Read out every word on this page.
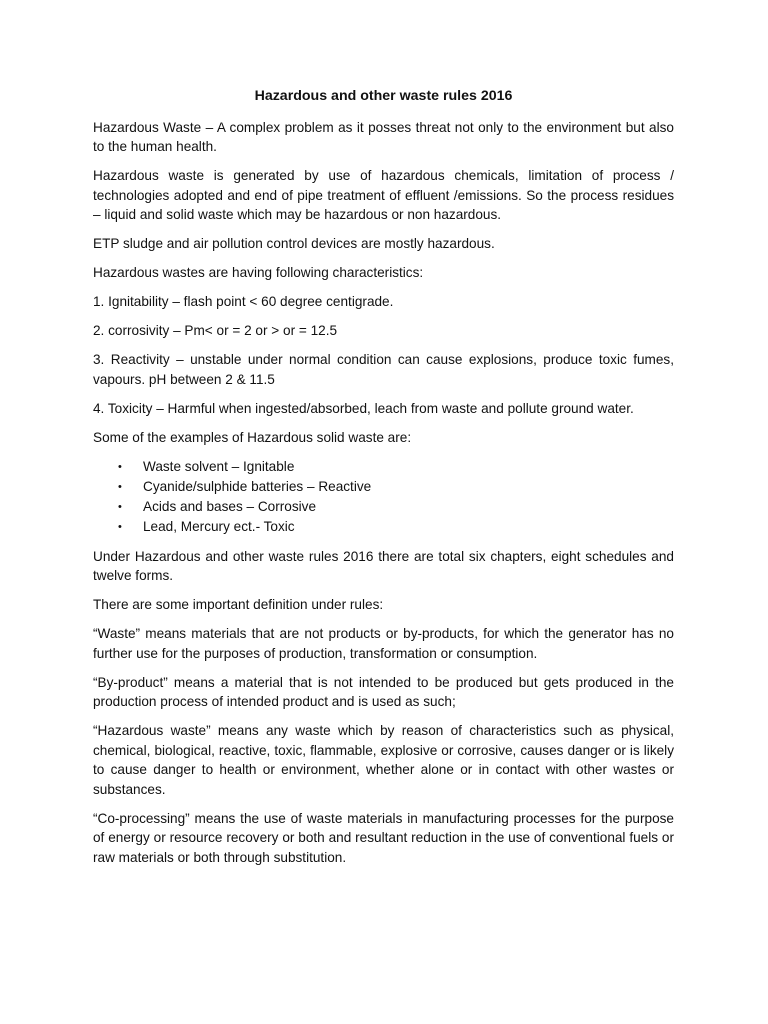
Hazardous and other waste rules 2016

Hazardous Waste – A complex problem as it posses threat not only to the environment but also to the human health.

Hazardous waste is generated by use of hazardous chemicals, limitation of process / technologies adopted and end of pipe treatment of effluent /emissions. So the process residues – liquid and solid waste which may be hazardous or non hazardous.

ETP sludge and air pollution control devices are mostly hazardous.

Hazardous wastes are having following characteristics:

1. Ignitability – flash point < 60 degree centigrade.

2. corrosivity – Pm< or = 2 or > or = 12.5

3. Reactivity – unstable under normal condition can cause explosions, produce toxic fumes, vapours. pH between 2 & 11.5

4. Toxicity – Harmful when ingested/absorbed, leach from waste and pollute ground water.

Some of the examples of Hazardous solid waste are:

• Waste solvent – Ignitable
• Cyanide/sulphide batteries – Reactive
• Acids and bases – Corrosive
• Lead, Mercury ect.- Toxic

Under Hazardous and other waste rules 2016 there are total six chapters, eight schedules and twelve forms.

There are some important definition under rules:

“Waste” means materials that are not products or by-products, for which the generator has no further use for the purposes of production, transformation or consumption.

“By-product” means a material that is not intended to be produced but gets produced in the production process of intended product and is used as such;

“Hazardous waste” means any waste which by reason of characteristics such as physical, chemical, biological, reactive, toxic, flammable, explosive or corrosive, causes danger or is likely to cause danger to health or environment, whether alone or in contact with other wastes or substances.

“Co-processing” means the use of waste materials in manufacturing processes for the purpose of energy or resource recovery or both and resultant reduction in the use of conventional fuels or raw materials or both through substitution.
